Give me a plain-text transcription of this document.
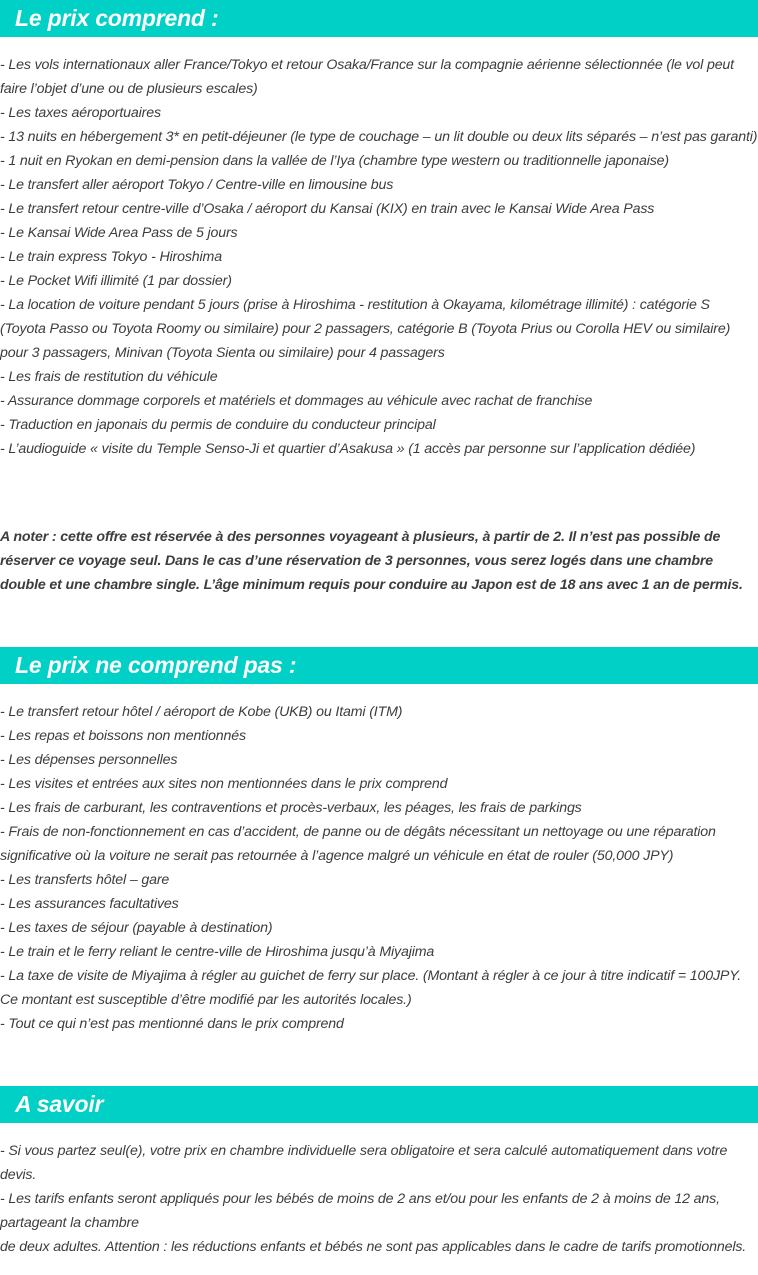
Le prix comprend :
- Les vols internationaux aller France/Tokyo et retour Osaka/France sur la compagnie aérienne sélectionnée (le vol peut faire l’objet d’une ou de plusieurs escales)
- Les taxes aéroportuaires
- 13 nuits en hébergement 3* en petit-déjeuner (le type de couchage – un lit double ou deux lits séparés – n’est pas garanti)
- 1 nuit en Ryokan en demi-pension dans la vallée de l’Iya (chambre type western ou traditionnelle japonaise)
- Le transfert aller aéroport Tokyo / Centre-ville en limousine bus
- Le transfert retour centre-ville d’Osaka / aéroport du Kansai (KIX) en train avec le Kansai Wide Area Pass
- Le Kansai Wide Area Pass de 5 jours
- Le train express Tokyo - Hiroshima
- Le Pocket Wifi illimité (1 par dossier)
- La location de voiture pendant 5 jours (prise à Hiroshima - restitution à Okayama, kilométrage illimité) : catégorie S (Toyota Passo ou Toyota Roomy ou similaire) pour 2 passagers, catégorie B (Toyota Prius ou Corolla HEV ou similaire) pour 3 passagers, Minivan (Toyota Sienta ou similaire) pour 4 passagers
- Les frais de restitution du véhicule
- Assurance dommage corporels et matériels et dommages au véhicule avec rachat de franchise
- Traduction en japonais du permis de conduire du conducteur principal
- L’audioguide « visite du Temple Senso-Ji et quartier d’Asakusa » (1 accès par personne sur l’application dédiée)

A noter : cette offre est réservée à des personnes voyageant à plusieurs, à partir de 2. Il n’est pas possible de réserver ce voyage seul. Dans le cas d’une réservation de 3 personnes, vous serez logés dans une chambre double et une chambre single. L’âge minimum requis pour conduire au Japon est de 18 ans avec 1 an de permis.

Le prix ne comprend pas :
- Le transfert retour hôtel / aéroport de Kobe (UKB) ou Itami (ITM)
- Les repas et boissons non mentionnés
- Les dépenses personnelles
- Les visites et entrées aux sites non mentionnées dans le prix comprend
- Les frais de carburant, les contraventions et procès-verbaux, les péages, les frais de parkings
- Frais de non-fonctionnement en cas d’accident, de panne ou de dégâts nécessitant un nettoyage ou une réparation significative où la voiture ne serait pas retournée à l’agence malgré un véhicule en état de rouler (50,000 JPY)
- Les transferts hôtel – gare
- Les assurances facultatives
- Les taxes de séjour (payable à destination)
- Le train et le ferry reliant le centre-ville de Hiroshima jusqu’à Miyajima
- La taxe de visite de Miyajima à régler au guichet de ferry sur place. (Montant à régler à ce jour à titre indicatif = 100JPY. Ce montant est susceptible d’être modifié par les autorités locales.)
- Tout ce qui n’est pas mentionné dans le prix comprend
A savoir
- Si vous partez seul(e), votre prix en chambre individuelle sera obligatoire et sera calculé automatiquement dans votre devis.
- Les tarifs enfants seront appliqués pour les bébés de moins de 2 ans et/ou pour les enfants de 2 à moins de 12 ans, partageant la chambre
de deux adultes. Attention : les réductions enfants et bébés ne sont pas applicables dans le cadre de tarifs promotionnels.
